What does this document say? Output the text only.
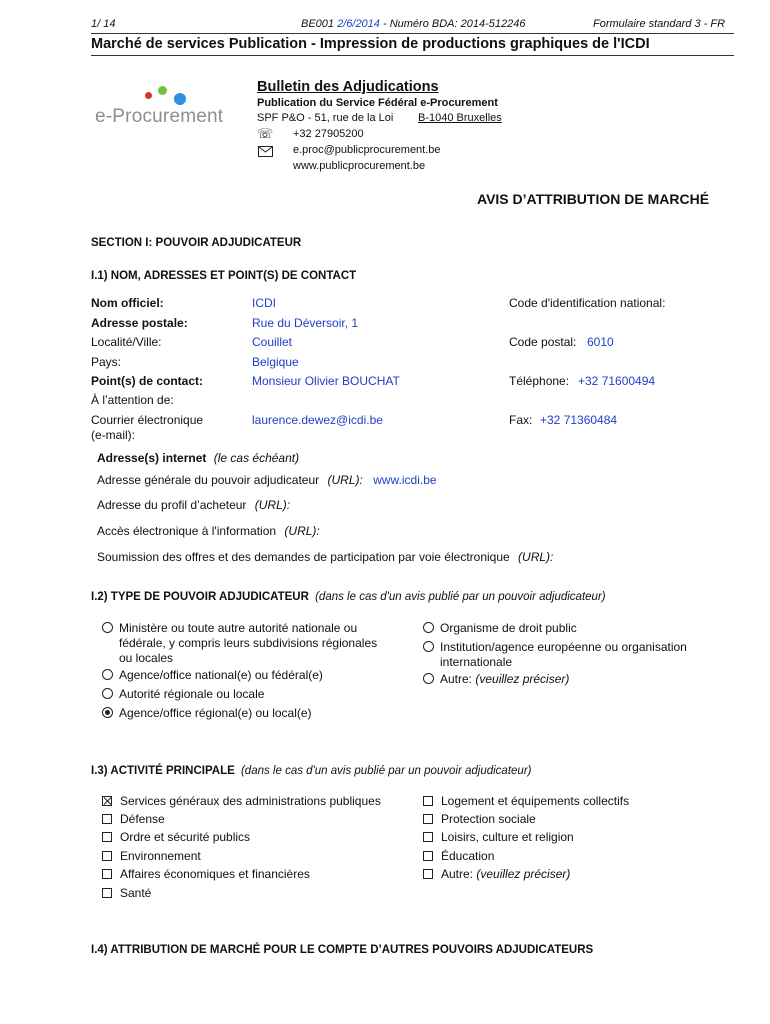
1/ 14	BE001 2/6/2014 - Numéro BDA: 2014-512246	Formulaire standard 3 - FR
Marché de services Publication - Impression de productions graphiques de l'ICDI
e-Procurement
Bulletin des Adjudications
Publication du Service Fédéral e-Procurement
SPF P&O - 51, rue de la Loi B-1040 Bruxelles
☏ +32 27905200
e.proc@publicprocurement.be
www.publicprocurement.be
AVIS D’ATTRIBUTION DE MARCHÉ
SECTION I: POUVOIR ADJUDICATEUR
I.1) NOM, ADRESSES ET POINT(S) DE CONTACT
Nom officiel:	ICDI	Code d'identification national:
Adresse postale:	Rue du Déversoir, 1
Localité/Ville:	Couillet	Code postal: 6010
Pays:	Belgique
Point(s) de contact:	Monsieur Olivier BOUCHAT	Téléphone: +32 71600494
À l’attention de:
Courrier électronique
(e-mail):
laurence.dewez@icdi.be	Fax: +32 71360484
Adresse(s) internet (le cas échéant)
Adresse générale du pouvoir adjudicateur (URL): www.icdi.be
Adresse du profil d’acheteur (URL):
Accès électronique à l'information (URL):
Soumission des offres et des demandes de participation par voie électronique (URL):
I.2) TYPE DE POUVOIR ADJUDICATEUR (dans le cas d'un avis publié par un pouvoir adjudicateur)
Ministère ou toute autre autorité nationale ou
fédérale, y compris leurs subdivisions régionales
ou locales
Agence/office national(e) ou fédéral(e)
Autorité régionale ou locale
Agence/office régional(e) ou local(e)
Organisme de droit public
Institution/agence européenne ou organisation
internationale
Autre: (veuillez préciser)
I.3) ACTIVITÉ PRINCIPALE (dans le cas d'un avis publié par un pouvoir adjudicateur)
Services généraux des administrations publiques
Défense
Ordre et sécurité publics
Environnement
Affaires économiques et financières
Santé
Logement et équipements collectifs
Protection sociale
Loisirs, culture et religion
Éducation
Autre: (veuillez préciser)
I.4) ATTRIBUTION DE MARCHÉ POUR LE COMPTE D’AUTRES POUVOIRS ADJUDICATEURS
